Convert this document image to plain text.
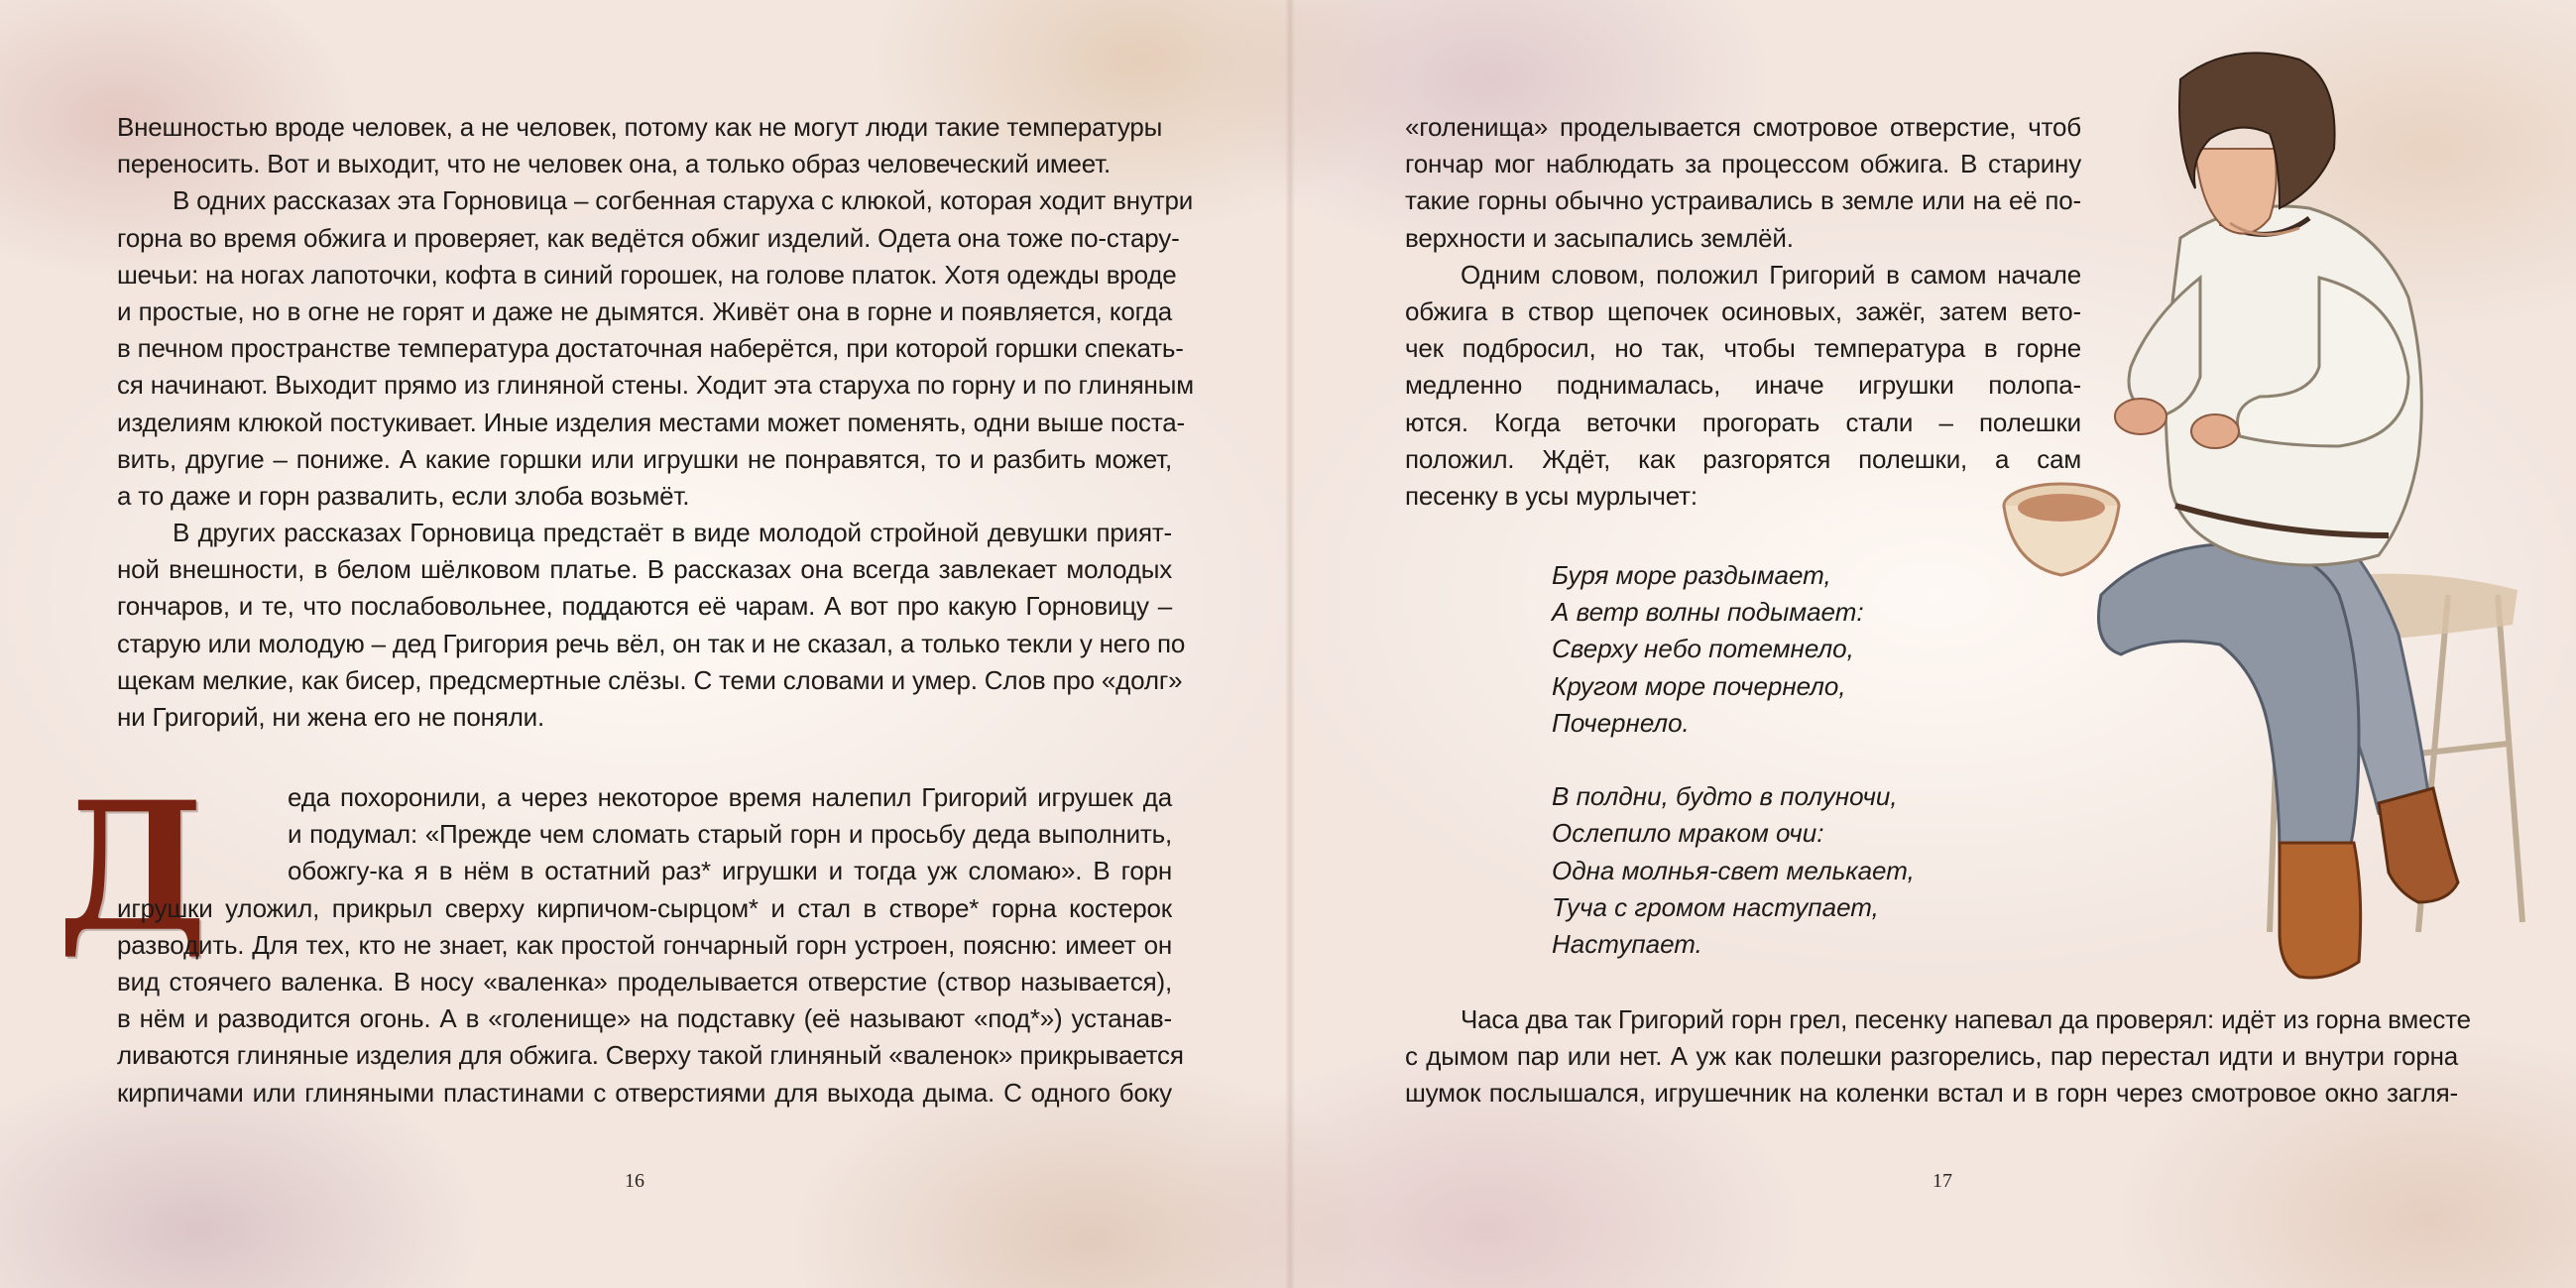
Внешностью вроде человек, а не человек, потому как не могут люди такие температуры
переносить. Вот и выходит, что не человек она, а только образ человеческий имеет.
В одних рассказах эта Горновица – согбенная старуха с клюкой, которая ходит внутри
горна во время обжига и проверяет, как ведётся обжиг изделий. Одета она тоже по-стару-
шечьи: на ногах лапоточки, кофта в синий горошек, на голове платок. Хотя одежды вроде
и простые, но в огне не горят и даже не дымятся. Живёт она в горне и появляется, когда
в печном пространстве температура достаточная наберётся, при которой горшки спекать-
ся начинают. Выходит прямо из глиняной стены. Ходит эта старуха по горну и по глиняным
изделиям клюкой постукивает. Иные изделия местами может поменять, одни выше поста-
вить, другие – пониже. А какие горшки или игрушки не понравятся, то и разбить может,
а то даже и горн развалить, если злоба возьмёт.
В других рассказах Горновица предстаёт в виде молодой стройной девушки прият-
ной внешности, в белом шёлковом платье. В рассказах она всегда завлекает молодых
гончаров, и те, что послабовольнее, поддаются её чарам. А вот про какую Горновицу –
старую или молодую – дед Григория речь вёл, он так и не сказал, а только текли у него по
щекам мелкие, как бисер, предсмертные слёзы. С теми словами и умер. Слов про «долг»
ни Григорий, ни жена его не поняли.
Д	еда похоронили, а через некоторое время налепил Григорий игрушек да
и подумал: «Прежде чем сломать старый горн и просьбу деда выполнить,
обожгу-ка я в нём в остатний раз* игрушки и тогда уж сломаю». В горн
игрушки уложил, прикрыл сверху кирпичом-сырцом* и стал в створе* горна костерок
разводить. Для тех, кто не знает, как простой гончарный горн устроен, поясню: имеет он
вид стоячего валенка. В носу «валенка» проделывается отверстие (створ называется),
в нём и разводится огонь. А в «голенище» на подставку (её называют «под*») устанав-
ливаются глиняные изделия для обжига. Сверху такой глиняный «валенок» прикрывается
кирпичами или глиняными пластинами с отверстиями для выхода дыма. С одного боку
16
«голенища» проделывается смотровое отверстие, чтоб
гончар мог наблюдать за процессом обжига. В старину
такие горны обычно устраивались в земле или на её по-
верхности и засыпались землёй.
Одним словом, положил Григорий в самом начале
обжига в створ щепочек осиновых, зажёг, затем вето-
чек подбросил, но так, чтобы температура в горне
медленно поднималась, иначе игрушки полопа-
ются. Когда веточки прогорать стали – полешки
положил. Ждёт, как разгорятся полешки, а сам
песенку в усы мурлычет:
Буря море раздымает,
А ветр волны подымает:
Сверху небо потемнело,
Кругом море почернело,
Почернело.
В полдни, будто в полуночи,
Ослепило мраком очи:
Одна молнья-свет мелькает,
Туча с громом наступает,
Наступает.
Часа два так Григорий горн грел, песенку напевал да проверял: идёт из горна вместе
с дымом пар или нет. А уж как полешки разгорелись, пар перестал идти и внутри горна
шумок послышался, игрушечник на коленки встал и в горн через смотровое окно загля-
17
